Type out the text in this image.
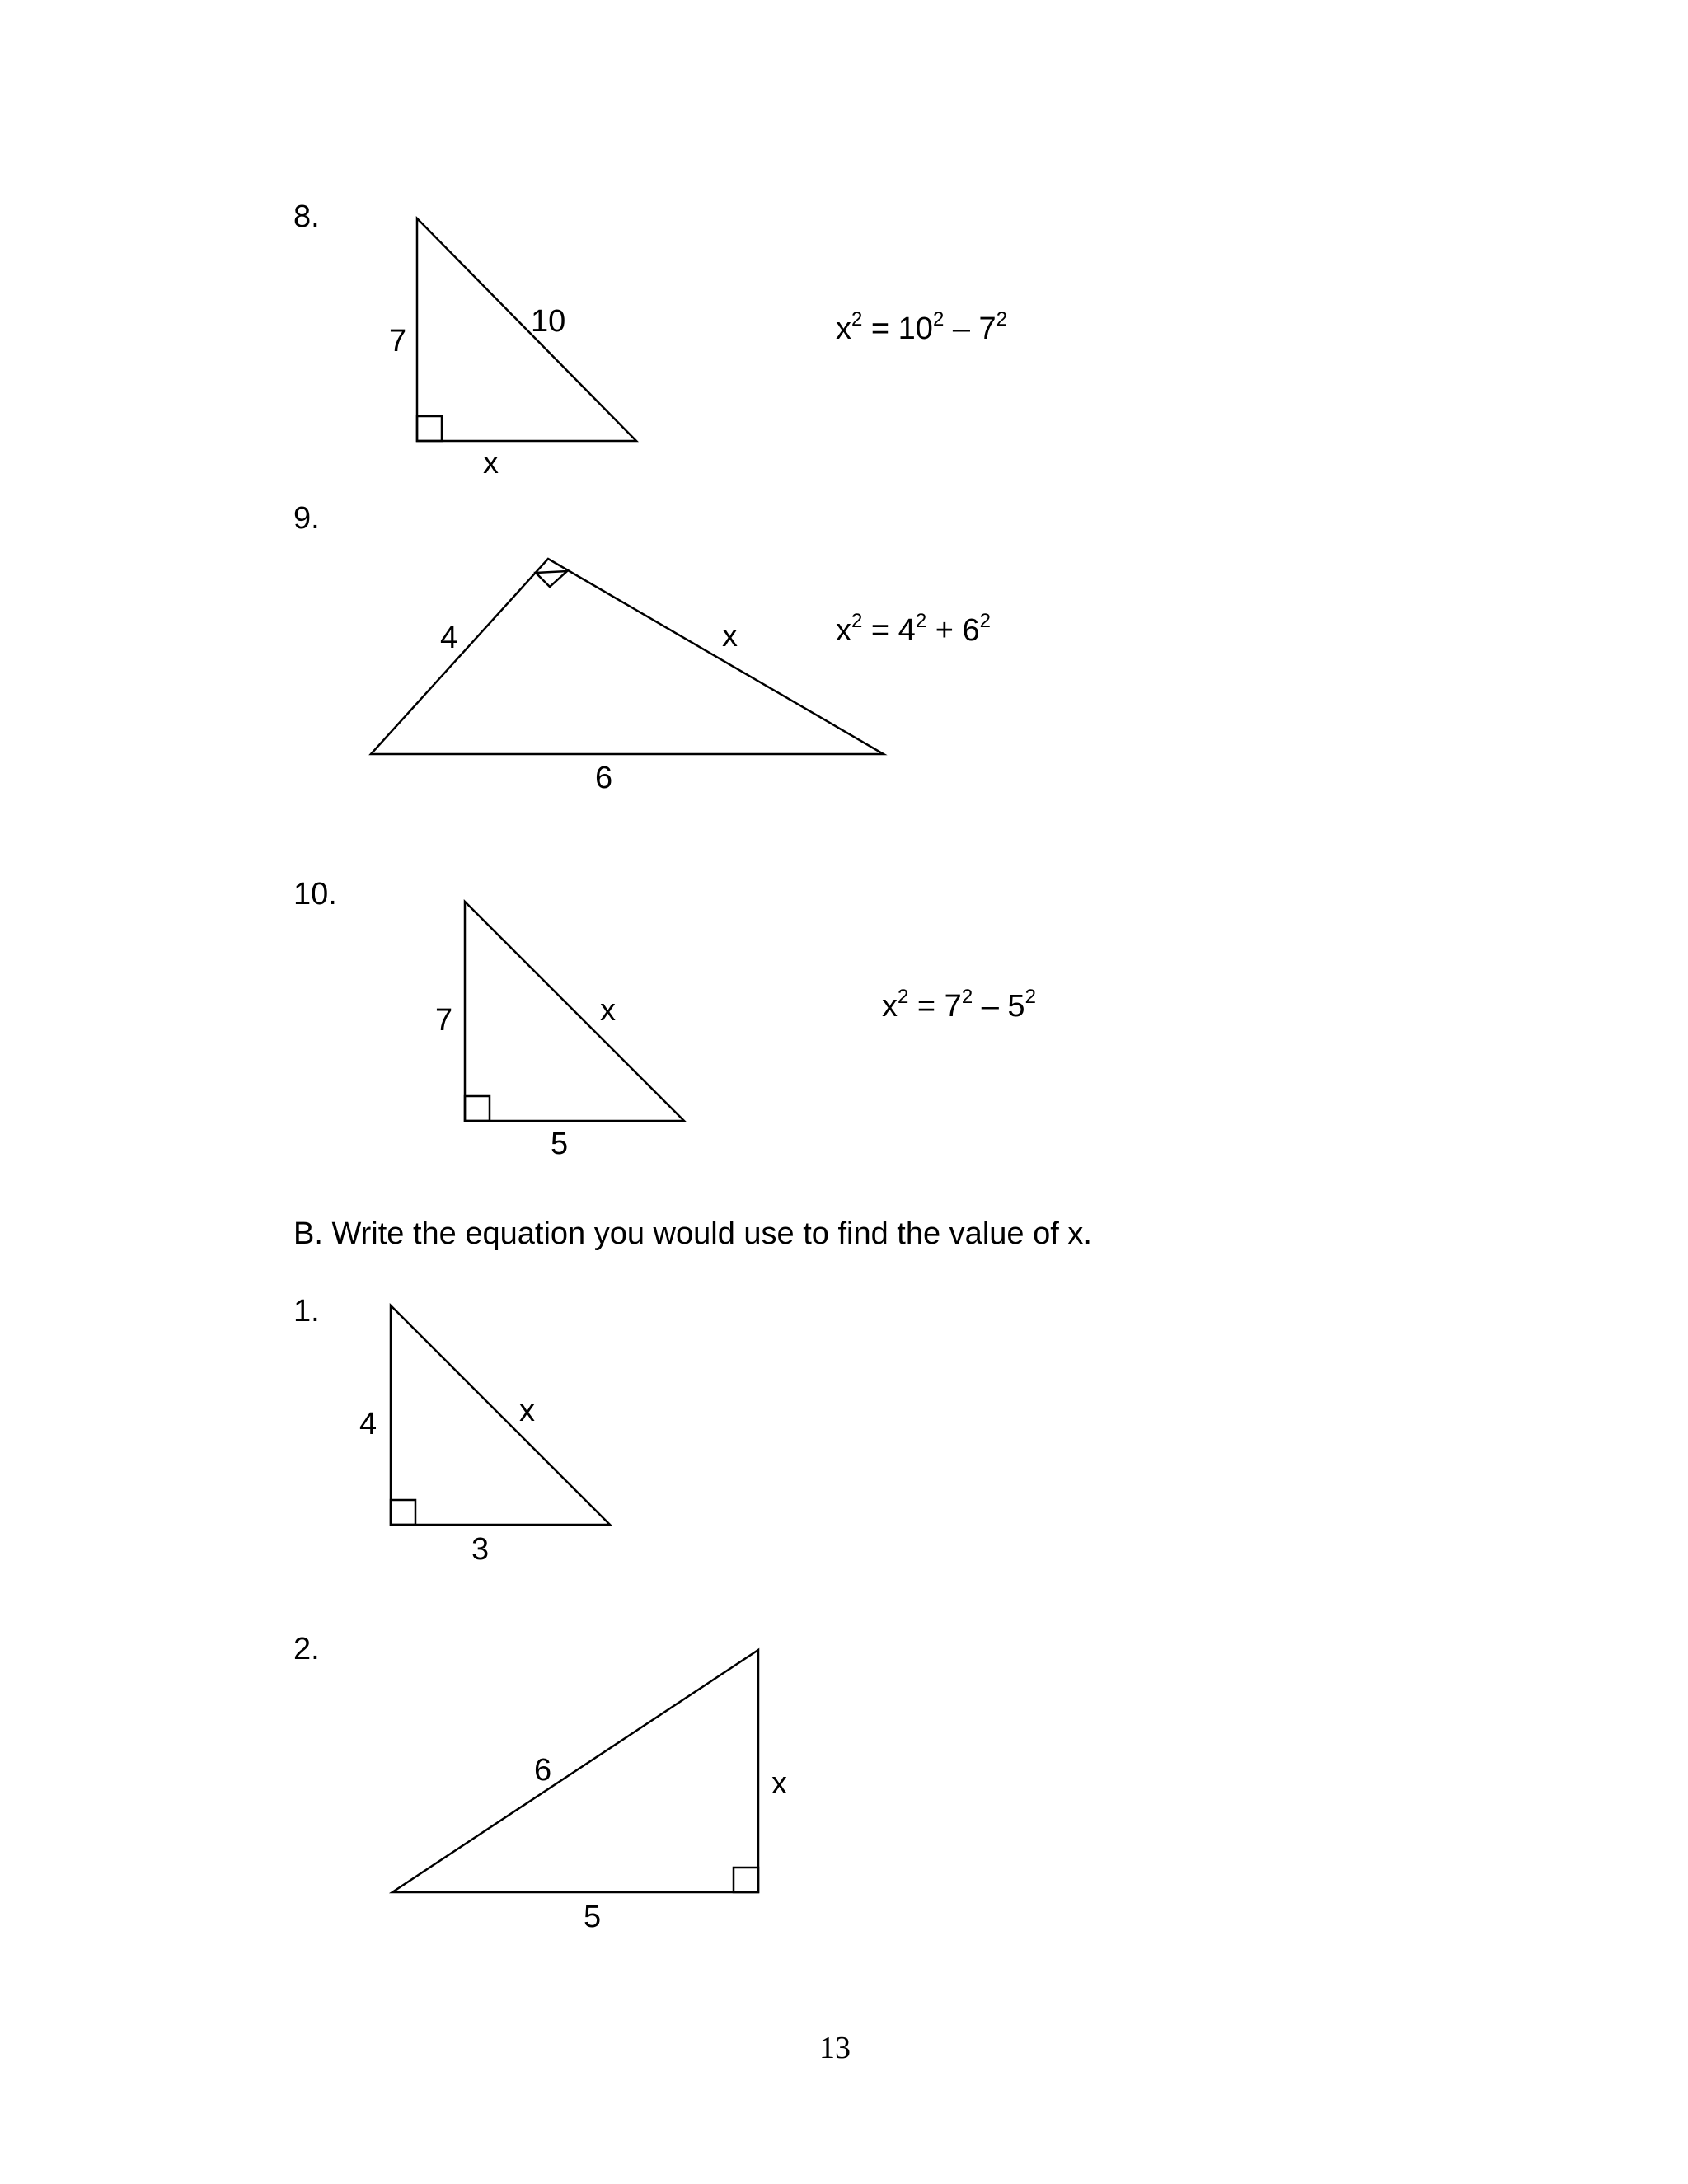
8.
9.
10.
$x^2 = 10^2 - 7^2$
$x^2 = 4^2 + 6^2$
$x^2 = 7^2 - 5^2$
B. Write the equation you would use to find the value of x.
1.
2.
13
7
10
x
4	x
6
7	x
5
4	x
3
6	x
5
